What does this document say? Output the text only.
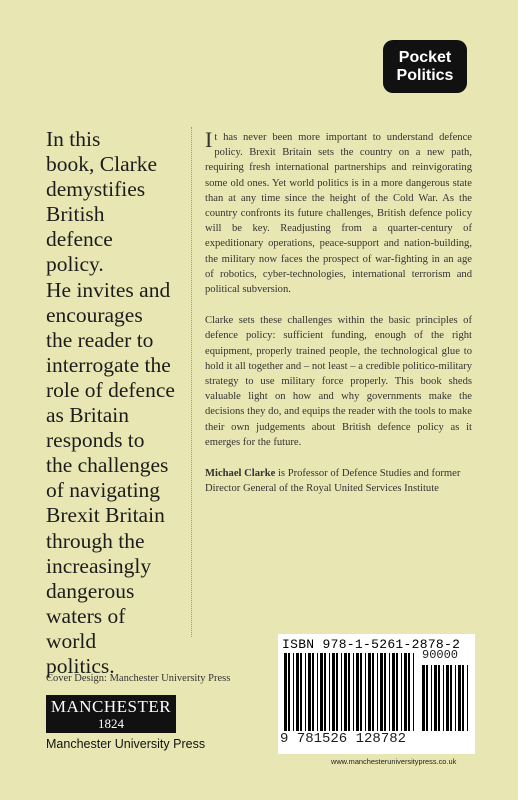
Pocket
Politics
In this
book, Clarke
demystifies
British defence
policy.
He invites and
encourages
the reader to
interrogate the
role of defence
as Britain
responds to
the challenges
of navigating
Brexit Britain
through the
increasingly
dangerous
waters of world
politics.

It has never been more important to understand defence policy. Brexit Britain sets the country on a new path, requiring fresh international partnerships and reinvigorating some old ones. Yet world politics is in a more dangerous state than at any time since the height of the Cold War. As the country confronts its future challenges, British defence policy will be key. Readjusting from a quarter-century of expeditionary operations, peace-support and nation-building, the military now faces the prospect of war-fighting in an age of robotics, cyber-technologies, international terrorism and political subversion.

Clarke sets these challenges within the basic principles of defence policy: sufficient funding, enough of the right equipment, properly trained people, the technological glue to hold it all together and – not least – a credible politico-military strategy to use military force properly. This book sheds valuable light on how and why governments make the decisions they do, and equips the reader with the tools to make their own judgements about British defence policy as it emerges for the future.

Michael Clarke is Professor of Defence Studies and former Director General of the Royal United Services Institute

Cover Design: Manchester University Press
MANCHESTER
1824
Manchester University Press
ISBN 978-1-5261-2878-2
90000
9 781526 128782
www.manchesteruniversitypress.co.uk
